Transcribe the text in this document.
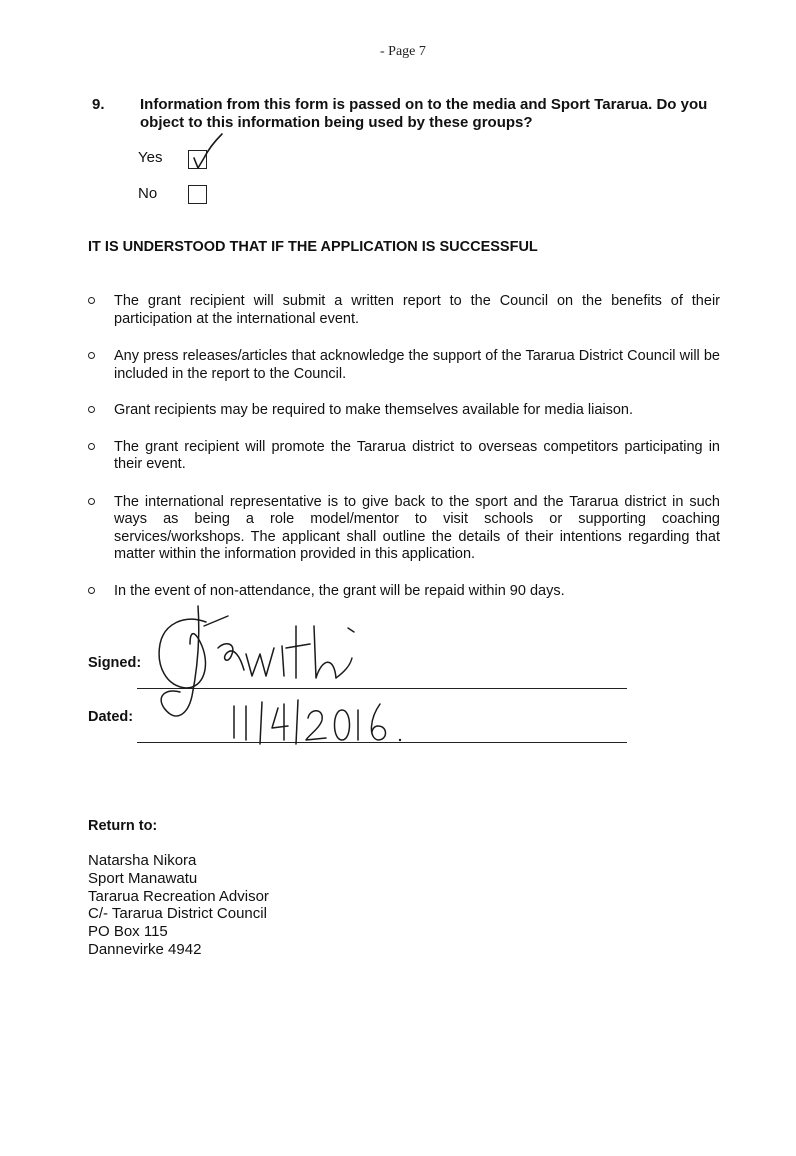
- Page 7
9. Information from this form is passed on to the media and Sport Tararua. Do you object to this information being used by these groups?
Yes
No
IT IS UNDERSTOOD THAT IF THE APPLICATION IS SUCCESSFUL
The grant recipient will submit a written report to the Council on the benefits of their participation at the international event.
Any press releases/articles that acknowledge the support of the Tararua District Council will be included in the report to the Council.
Grant recipients may be required to make themselves available for media liaison.
The grant recipient will promote the Tararua district to overseas competitors participating in their event.
The international representative is to give back to the sport and the Tararua district in such ways as being a role model/mentor to visit schools or supporting coaching services/workshops. The applicant shall outline the details of their intentions regarding that matter within the information provided in this application.
In the event of non-attendance, the grant will be repaid within 90 days.
Signed:
Dated:
Return to:
Natarsha Nikora
Sport Manawatu
Tararua Recreation Advisor
C/- Tararua District Council
PO Box 115
Dannevirke 4942
